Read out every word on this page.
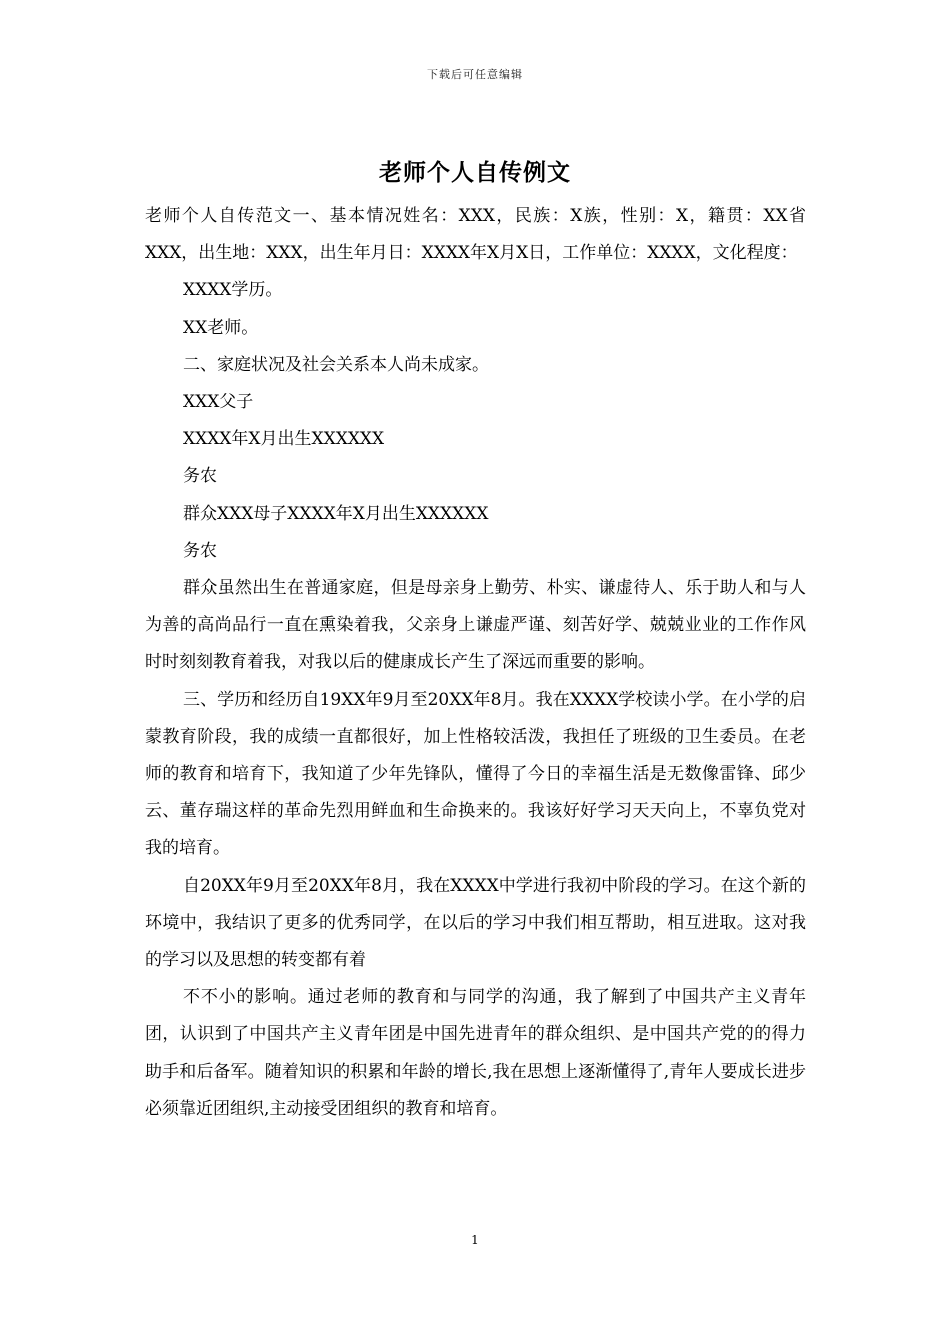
下载后可任意编辑
老师个人自传例文

老师个人自传范文一、基本情况姓名：XXX，民族：X族，性别：X，籍贯：XX省XXX，出生地：XXX，出生年月日：XXXX年X月X日，工作单位：XXXX，文化程度：

XXXX学历。

XX老师。

二、家庭状况及社会关系本人尚未成家。

XXX父子

XXXX年X月出生XXXXXX

务农

群众XXX母子XXXX年X月出生XXXXXX

务农

群众虽然出生在普通家庭，但是母亲身上勤劳、朴实、谦虚待人、乐于助人和与人为善的高尚品行一直在熏染着我，父亲身上谦虚严谨、刻苦好学、兢兢业业的工作作风时时刻刻教育着我，对我以后的健康成长产生了深远而重要的影响。

三、学历和经历自19XX年9月至20XX年8月。我在XXXX学校读小学。在小学的启蒙教育阶段，我的成绩一直都很好，加上性格较活泼，我担任了班级的卫生委员。在老师的教育和培育下，我知道了少年先锋队，懂得了今日的幸福生活是无数像雷锋、邱少云、董存瑞这样的革命先烈用鲜血和生命换来的。我该好好学习天天向上，不辜负党对我的培育。

自20XX年9月至20XX年8月，我在XXXX中学进行我初中阶段的学习。在这个新的环境中，我结识了更多的优秀同学，在以后的学习中我们相互帮助，相互进取。这对我的学习以及思想的转变都有着

不不小的影响。通过老师的教育和与同学的沟通，我了解到了中国共产主义青年团，认识到了中国共产主义青年团是中国先进青年的群众组织、是中国共产党的的得力助手和后备军。随着知识的积累和年龄的增长,我在思想上逐渐懂得了,青年人要成长进步必须靠近团组织,主动接受团组织的教育和培育。

1
